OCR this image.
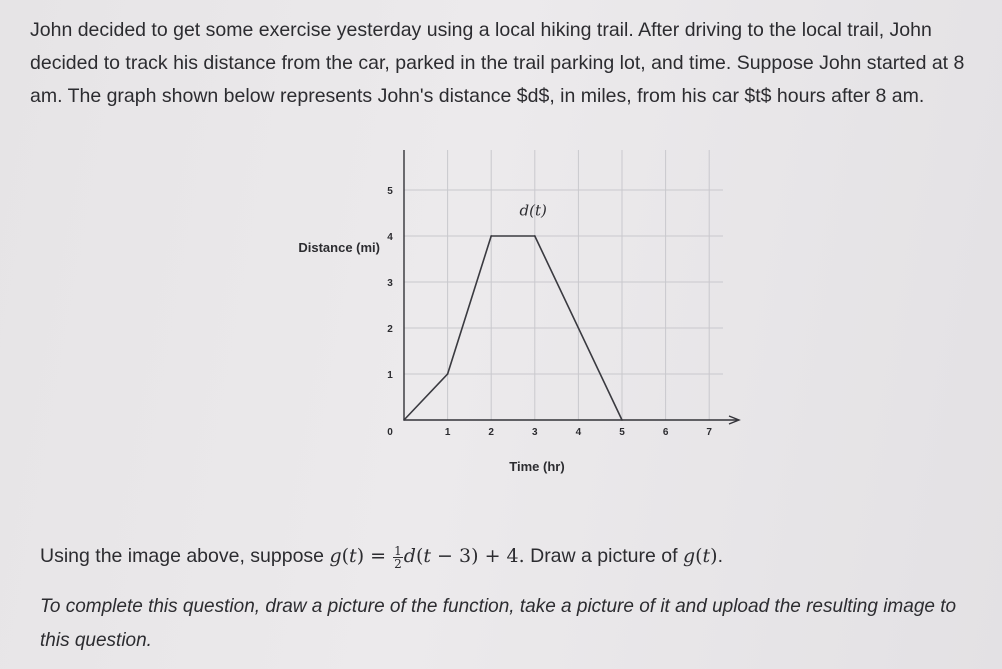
John decided to get some exercise yesterday using a local hiking trail. After driving to the local trail, John decided to track his distance from the car, parked in the trail parking lot, and time. Suppose John started at 8 am. The graph shown below represents John's distance $d$, in miles, from his car $t$ hours after 8 am.

1	2	3	4	5	6	7
0
1
2
3
4
5
d(t)
Distance (mi)
Time (hr)

Using the image above, suppose $g(t) = \frac{1}{2} d(t - 3) + 4$. Draw a picture of g(t).

To complete this question, draw a picture of the function, take a picture of it and upload the resulting image to this question.
